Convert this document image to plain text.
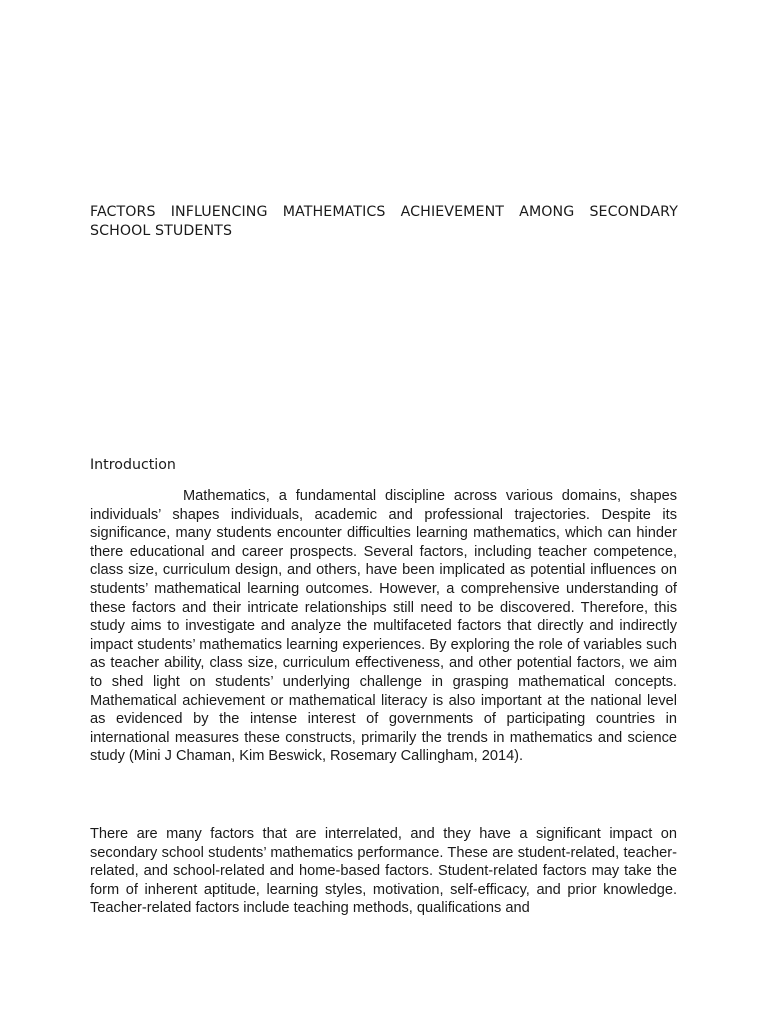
FACTORS INFLUENCING MATHEMATICS ACHIEVEMENT AMONG SECONDARY SCHOOL STUDENTS
Introduction

Mathematics, a fundamental discipline across various domains, shapes individuals’ shapes individuals, academic and professional trajectories. Despite its significance, many students encounter difficulties learning mathematics, which can hinder there educational and career prospects. Several factors, including teacher competence, class size, curriculum design, and others, have been implicated as potential influences on students’ mathematical learning outcomes. However, a comprehensive understanding of these factors and their intricate relationships still need to be discovered. Therefore, this study aims to investigate and analyze the multifaceted factors that directly and indirectly impact students’ mathematics learning experiences. By exploring the role of variables such as teacher ability, class size, curriculum effectiveness, and other potential factors, we aim to shed light on students’ underlying challenge in grasping mathematical concepts. Mathematical achievement or mathematical literacy is also important at the national level as evidenced by the intense interest of governments of participating countries in international measures these constructs, primarily the trends in mathematics and science study (Mini J Chaman, Kim Beswick, Rosemary Callingham, 2014).

There are many factors that are interrelated, and they have a significant impact on secondary school students’ mathematics performance. These are student-related, teacher-related, and school-related and home-based factors. Student-related factors may take the form of inherent aptitude, learning styles, motivation, self-efficacy, and prior knowledge. Teacher-related factors include teaching methods, qualifications and
